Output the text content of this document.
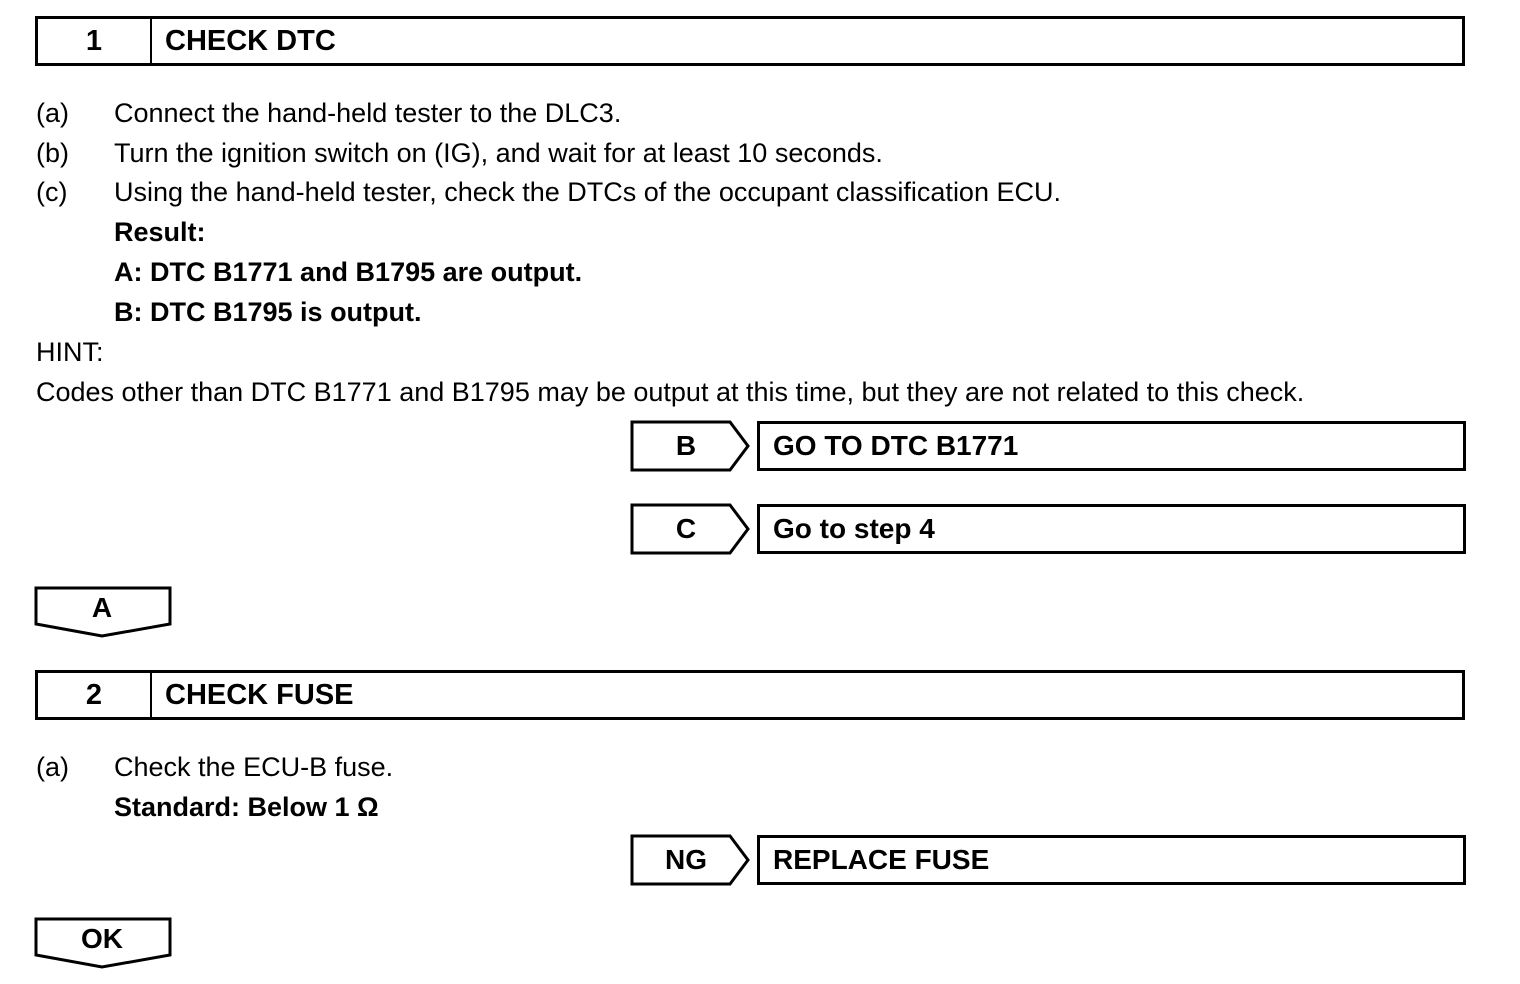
1	CHECK DTC
(a) Connect the hand-held tester to the DLC3.
(b) Turn the ignition switch on (IG), and wait for at least 10 seconds.
(c) Using the hand-held tester, check the DTCs of the occupant classification ECU.
Result:
A: DTC B1771 and B1795 are output.
B: DTC B1795 is output.
HINT:
Codes other than DTC B1771 and B1795 may be output at this time, but they are not related to this check.
B	GO TO DTC B1771
C	Go to step 4
A
2	CHECK FUSE
(a) Check the ECU-B fuse.
Standard: Below 1 Ω
NG	REPLACE FUSE
OK
